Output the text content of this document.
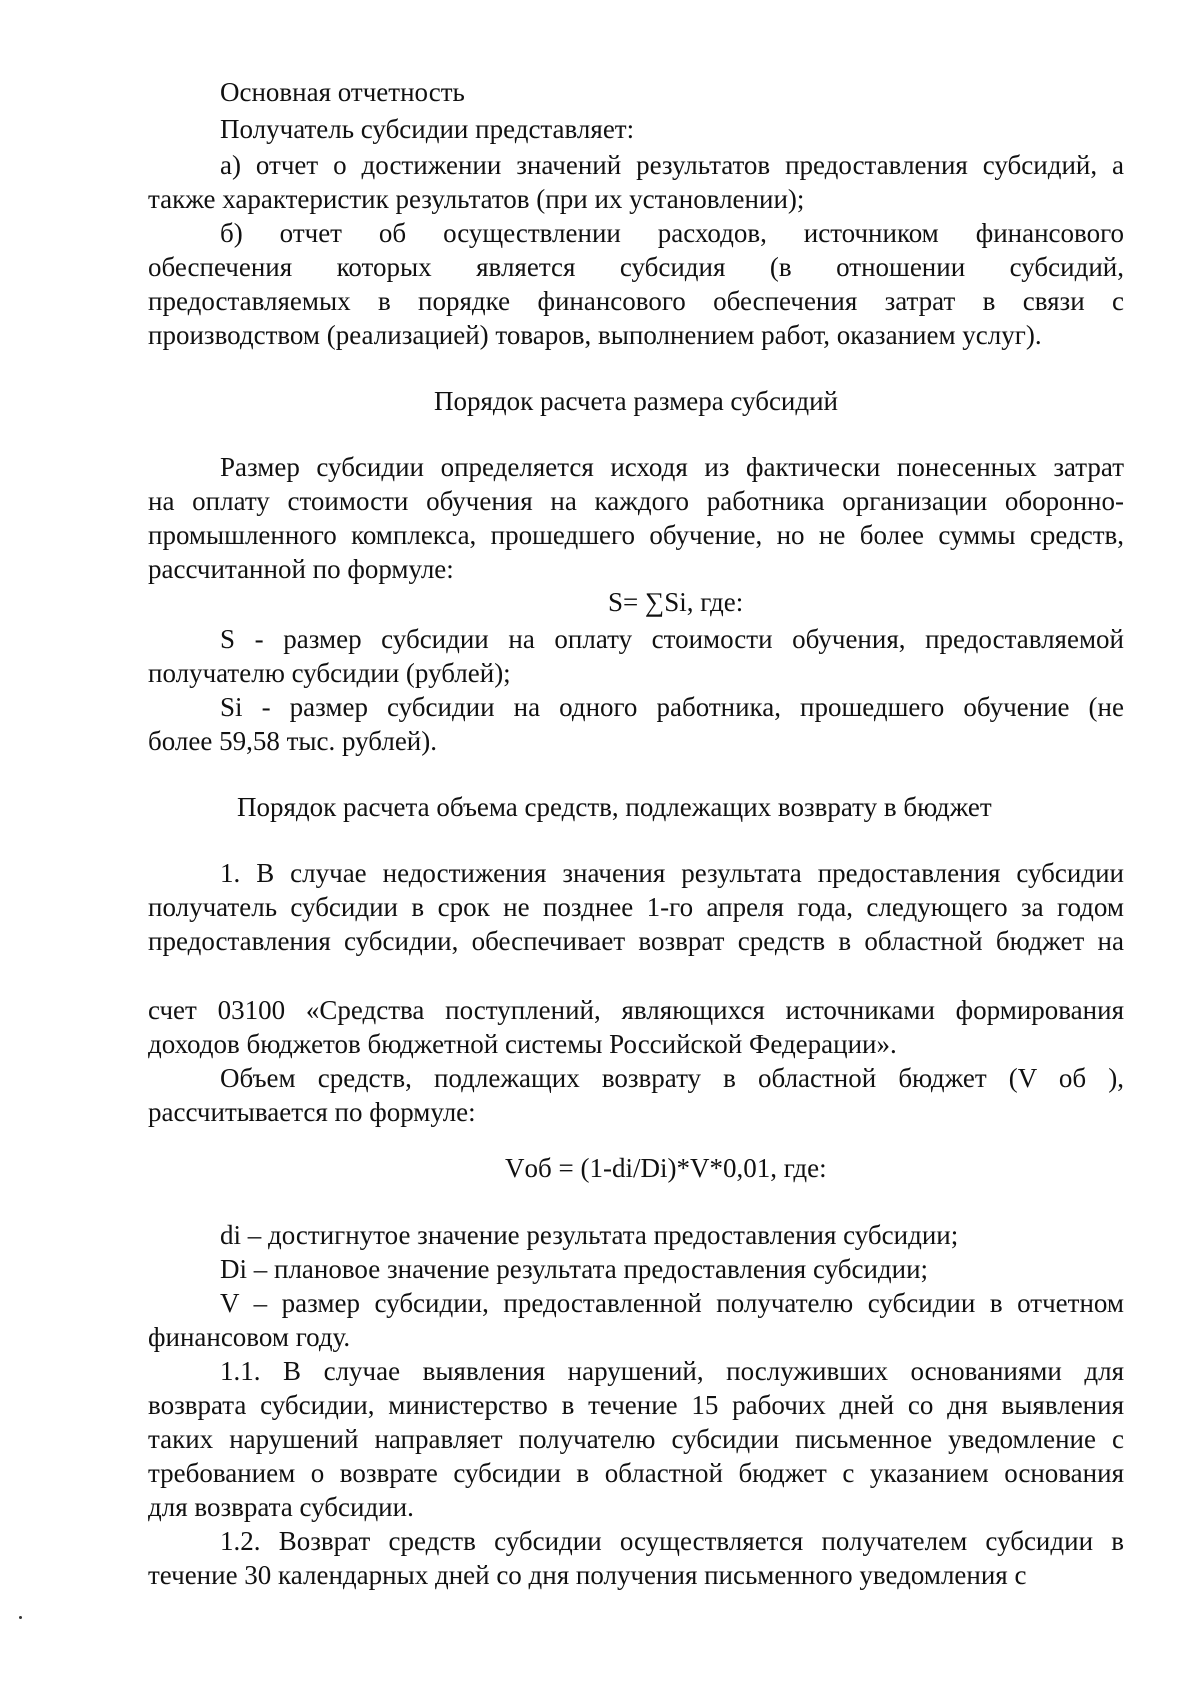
Основная отчетность
Получатель субсидии представляет:
а) отчет о достижении значений результатов предоставления субсидий, а
также характеристик результатов (при их установлении);
б) отчет об осуществлении расходов, источником финансового
обеспечения которых является субсидия (в отношении субсидий,
предоставляемых в порядке финансового обеспечения затрат в связи с
производством (реализацией) товаров, выполнением работ, оказанием услуг).
Порядок расчета размера субсидий
Размер субсидии определяется исходя из фактически понесенных затрат
на оплату стоимости обучения на каждого работника организации оборонно-
промышленного комплекса, прошедшего обучение, но не более суммы средств,
рассчитанной по формуле:
S= ∑Si, где:
S - размер субсидии на оплату стоимости обучения, предоставляемой
получателю субсидии (рублей);
Si - размер субсидии на одного работника, прошедшего обучение (не
более 59,58 тыс. рублей).
Порядок расчета объема средств, подлежащих возврату в бюджет
1. В случае недостижения значения результата предоставления субсидии
получатель субсидии в срок не позднее 1-го апреля года, следующего за годом
предоставления субсидии, обеспечивает возврат средств в областной бюджет на
счет 03100 «Средства поступлений, являющихся источниками формирования
доходов бюджетов бюджетной системы Российской Федерации».
Объем средств, подлежащих возврату в областной бюджет (V об ),
рассчитывается по формуле:
Vоб = (1-di/Di)*V*0,01, где:
di – достигнутое значение результата предоставления субсидии;
Di – плановое значение результата предоставления субсидии;
V – размер субсидии, предоставленной получателю субсидии в отчетном
финансовом году.
1.1. В случае выявления нарушений, послуживших основаниями для
возврата субсидии, министерство в течение 15 рабочих дней со дня выявления
таких нарушений направляет получателю субсидии письменное уведомление с
требованием о возврате субсидии в областной бюджет с указанием основания
для возврата субсидии.
1.2. Возврат средств субсидии осуществляется получателем субсидии в
течение 30 календарных дней со дня получения письменного уведомления с
